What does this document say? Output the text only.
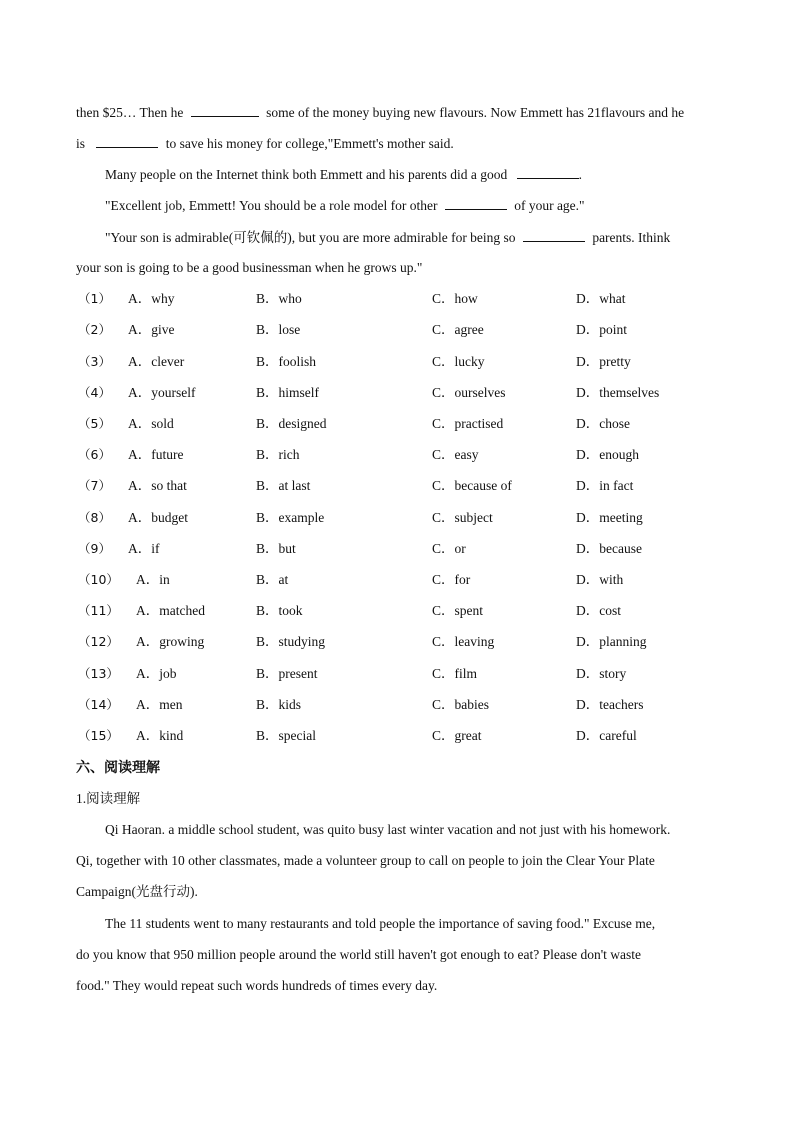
then $25… Then he	some of the money buying new flavours. Now Emmett has 21flavours and he
is	to save his money for college,"Emmett's mother said.
Many people on the Internet think both Emmett and his parents did a good	.
"Excellent job, Emmett! You should be a role model for other	of your age."
"Your son is admirable(可钦佩的), but you are more admirable for being so	parents. Ithink
your son is going to be a good businessman when he grows up."
（1） A．why	B．who	C．how	D．what
（2） A．give	B．lose	C．agree	D．point
（3） A．clever	B．foolish	C．lucky	D．pretty
（4） A．yourself	B．himself	C．ourselves	D．themselves
（5） A．sold	B．designed	C．practised	D．chose
（6） A．future	B．rich	C．easy	D．enough
（7） A．so that	B．at last	C．because of	D．in fact
（8） A．budget	B．example	C．subject	D．meeting
（9） A．if	B．but	C．or	D．because
（10） A．in	B．at	C．for	D．with
（11） A．matched	B．took	C．spent	D．cost
（12） A．growing	B．studying	C．leaving	D．planning
（13） A．job	B．present	C．film	D．story
（14） A．men	B．kids	C．babies	D．teachers
（15） A．kind	B．special	C．great	D．careful
六、阅读理解
1.阅读理解
Qi Haoran. a middle school student, was quito busy last winter vacation and not just with his homework.
Qi, together with 10 other classmates, made a volunteer group to call on people to join the Clear Your Plate
Campaign(光盘行动).
The 11 students went to many restaurants and told people the importance of saving food." Excuse me,
do you know that 950 million people around the world still haven't got enough to eat? Please don't waste
food." They would repeat such words hundreds of times every day.
